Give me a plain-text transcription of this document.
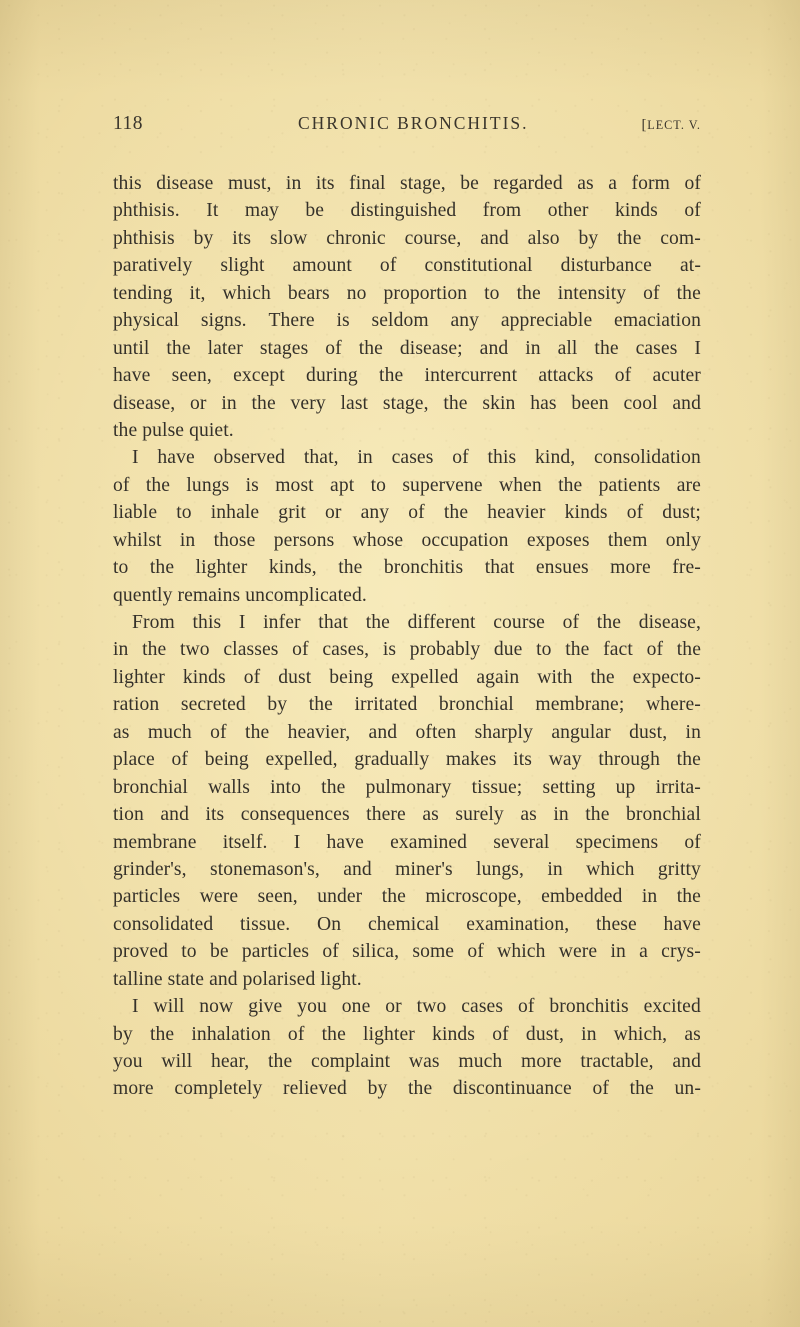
118	CHRONIC BRONCHITIS.	[LECT. V.
this disease must, in its final stage, be regarded as a form of
phthisis. It may be distinguished from other kinds of
phthisis by its slow chronic course, and also by the com-
paratively slight amount of constitutional disturbance at-
tending it, which bears no proportion to the intensity of the
physical signs. There is seldom any appreciable emaciation
until the later stages of the disease; and in all the cases I
have seen, except during the intercurrent attacks of acuter
disease, or in the very last stage, the skin has been cool and
the pulse quiet.
I have observed that, in cases of this kind, consolidation
of the lungs is most apt to supervene when the patients are
liable to inhale grit or any of the heavier kinds of dust;
whilst in those persons whose occupation exposes them only
to the lighter kinds, the bronchitis that ensues more fre-
quently remains uncomplicated.
From this I infer that the different course of the disease,
in the two classes of cases, is probably due to the fact of the
lighter kinds of dust being expelled again with the expecto-
ration secreted by the irritated bronchial membrane; where-
as much of the heavier, and often sharply angular dust, in
place of being expelled, gradually makes its way through the
bronchial walls into the pulmonary tissue; setting up irrita-
tion and its consequences there as surely as in the bronchial
membrane itself. I have examined several specimens of
grinder's, stonemason's, and miner's lungs, in which gritty
particles were seen, under the microscope, embedded in the
consolidated tissue. On chemical examination, these have
proved to be particles of silica, some of which were in a crys-
talline state and polarised light.
I will now give you one or two cases of bronchitis excited
by the inhalation of the lighter kinds of dust, in which, as
you will hear, the complaint was much more tractable, and
more completely relieved by the discontinuance of the un-
